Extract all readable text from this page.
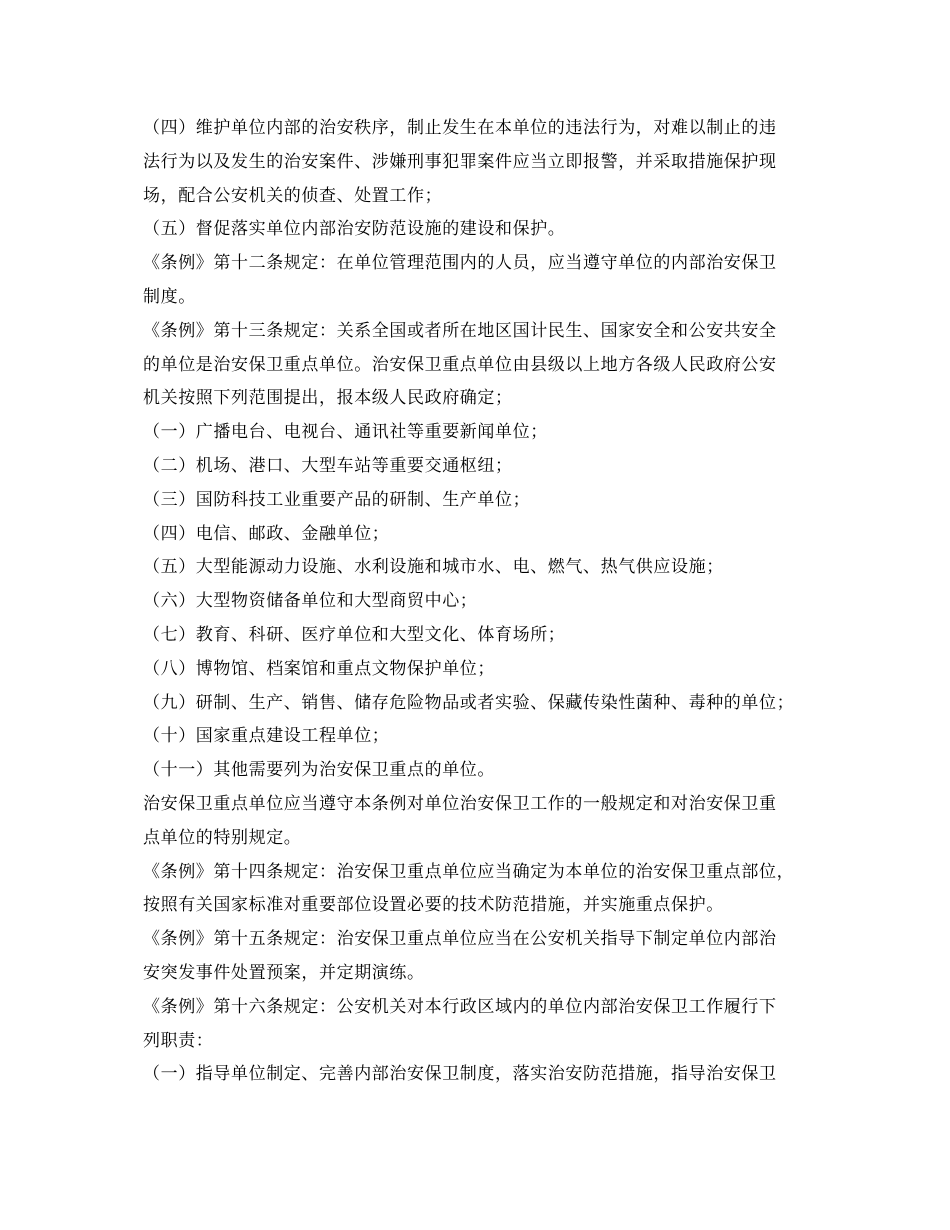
（四）维护单位内部的治安秩序，制止发生在本单位的违法行为，对难以制止的违
法行为以及发生的治安案件、涉嫌刑事犯罪案件应当立即报警，并采取措施保护现
场，配合公安机关的侦查、处置工作；
（五）督促落实单位内部治安防范设施的建设和保护。
《条例》第十二条规定：在单位管理范围内的人员，应当遵守单位的内部治安保卫
制度。
《条例》第十三条规定：关系全国或者所在地区国计民生、国家安全和公安共安全
的单位是治安保卫重点单位。治安保卫重点单位由县级以上地方各级人民政府公安
机关按照下列范围提出，报本级人民政府确定；
（一）广播电台、电视台、通讯社等重要新闻单位；
（二）机场、港口、大型车站等重要交通枢纽；
（三）国防科技工业重要产品的研制、生产单位；
（四）电信、邮政、金融单位；
（五）大型能源动力设施、水利设施和城市水、电、燃气、热气供应设施；
（六）大型物资储备单位和大型商贸中心；
（七）教育、科研、医疗单位和大型文化、体育场所；
（八）博物馆、档案馆和重点文物保护单位；
（九）研制、生产、销售、储存危险物品或者实验、保藏传染性菌种、毒种的单位；
（十）国家重点建设工程单位；
（十一）其他需要列为治安保卫重点的单位。
治安保卫重点单位应当遵守本条例对单位治安保卫工作的一般规定和对治安保卫重
点单位的特别规定。
《条例》第十四条规定：治安保卫重点单位应当确定为本单位的治安保卫重点部位，
按照有关国家标准对重要部位设置必要的技术防范措施，并实施重点保护。
《条例》第十五条规定：治安保卫重点单位应当在公安机关指导下制定单位内部治
安突发事件处置预案，并定期演练。
《条例》第十六条规定：公安机关对本行政区域内的单位内部治安保卫工作履行下
列职责：
（一）指导单位制定、完善内部治安保卫制度，落实治安防范措施，指导治安保卫
